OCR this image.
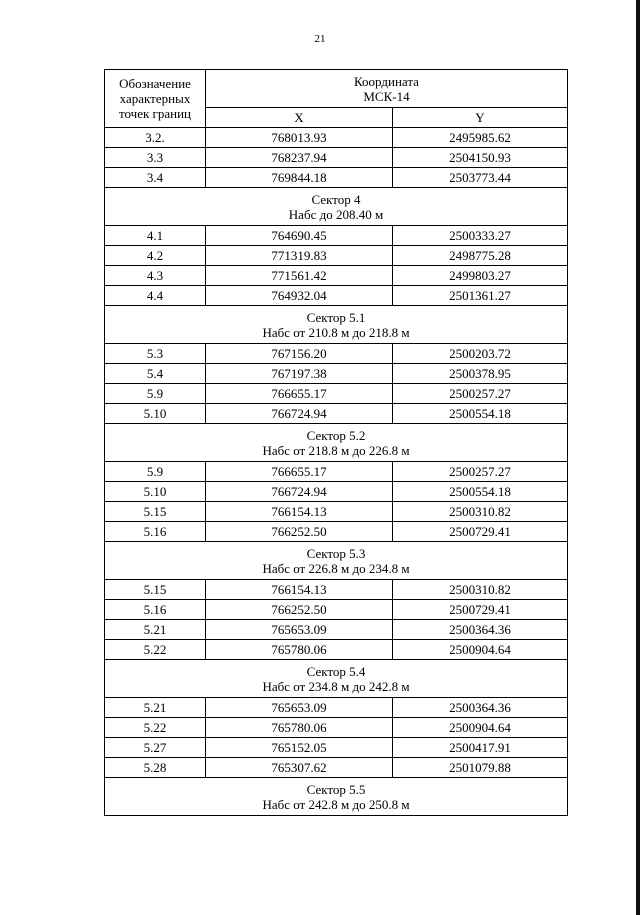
21
Обозначение
характерных
точек границ	Координата
МСК-14	

	X	Y
3.2.	768013.93	2495985.62
3.3	768237.94	2504150.93
3.4	769844.18	2503773.44

Сектор 4
Набс до 208.40 м		

4.1	764690.45	2500333.27
4.2	771319.83	2498775.28
4.3	771561.42	2499803.27
4.4	764932.04	2501361.27

Сектор 5.1
Набс от 210.8 м до 218.8 м		

5.3	767156.20	2500203.72
5.4	767197.38	2500378.95
5.9	766655.17	2500257.27
5.10	766724.94	2500554.18

Сектор 5.2
Набс от 218.8 м до 226.8 м		

5.9	766655.17	2500257.27
5.10	766724.94	2500554.18
5.15	766154.13	2500310.82
5.16	766252.50	2500729.41

Сектор 5.3
Набс от 226.8 м до 234.8 м		

5.15	766154.13	2500310.82
5.16	766252.50	2500729.41
5.21	765653.09	2500364.36
5.22	765780.06	2500904.64

Сектор 5.4
Набс от 234.8 м до 242.8 м		

5.21	765653.09	2500364.36
5.22	765780.06	2500904.64
5.27	765152.05	2500417.91
5.28	765307.62	2501079.88

Сектор 5.5
Набс от 242.8 м до 250.8 м		
